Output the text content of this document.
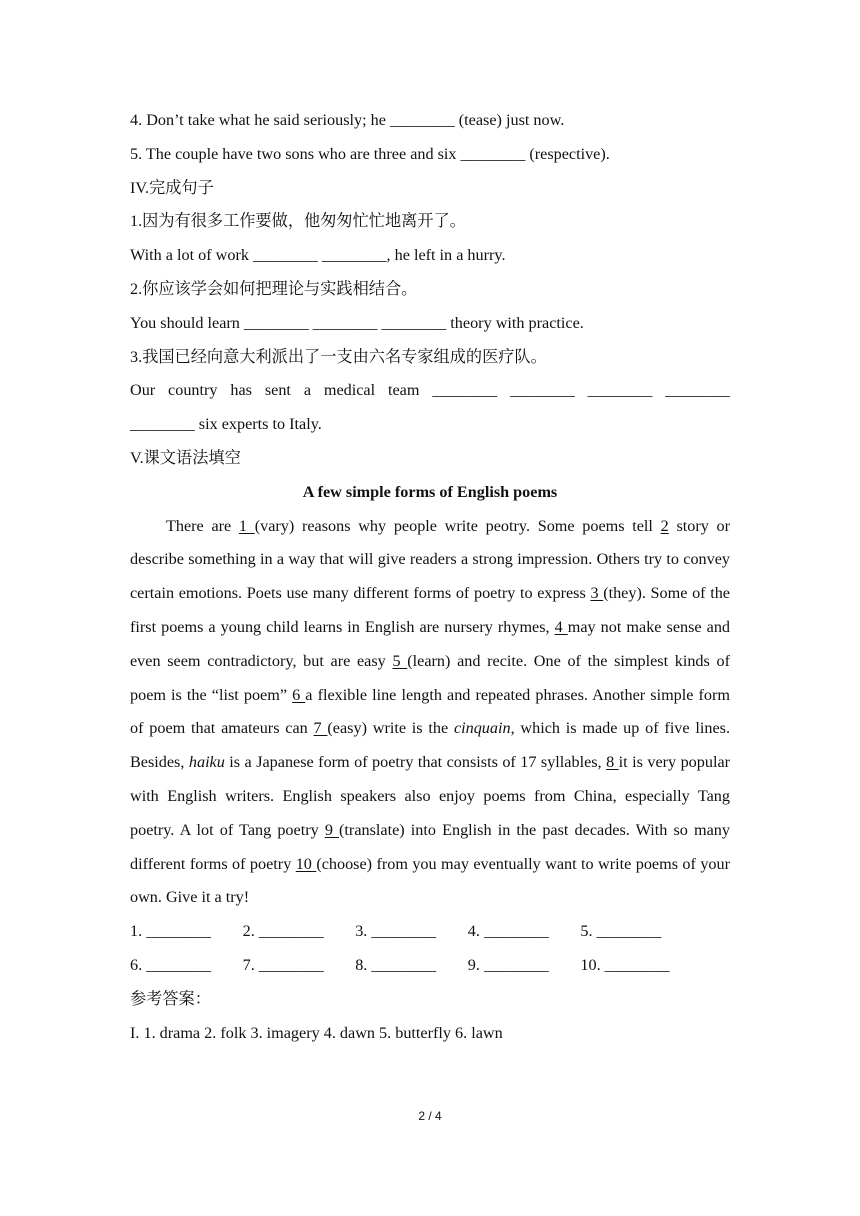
4. Don’t take what he said seriously; he ________ (tease) just now.
5. The couple have two sons who are three and six ________ (respective).
IV.完成句子
1.因为有很多工作要做，他匆匆忙忙地离开了。
With a lot of work ________ ________, he left in a hurry.
2.你应该学会如何把理论与实践相结合。
You should learn ________ ________ ________ theory with practice.
3.我国已经向意大利派出了一支由六名专家组成的医疗队。
Our country has sent a medical team ________ ________ ________ ________
________ six experts to Italy.
V.课文语法填空
A few simple forms of English poems
There are 1 (vary) reasons why people write peotry. Some poems tell 2 story or describe something in a way that will give readers a strong impression. Others try to convey certain emotions. Poets use many different forms of poetry to express 3 (they). Some of the first poems a young child learns in English are nursery rhymes, 4 may not make sense and even seem contradictory, but are easy 5 (learn) and recite. One of the simplest kinds of poem is the “list poem” 6 a flexible line length and repeated phrases. Another simple form of poem that amateurs can 7 (easy) write is the cinquain, which is made up of five lines. Besides, haiku is a Japanese form of poetry that consists of 17 syllables, 8 it is very popular with English writers. English speakers also enjoy poems from China, especially Tang poetry. A lot of Tang poetry 9 (translate) into English in the past decades. With so many different forms of poetry 10 (choose) from you may eventually want to write poems of your own. Give it a try!
1. ________	2. ________	3. ________	4. ________	5. ________
6. ________	7. ________	8. ________	9. ________	10. ________
参考答案：
I. 1. drama 2. folk 3. imagery 4. dawn 5. butterfly 6. lawn
2 / 4
